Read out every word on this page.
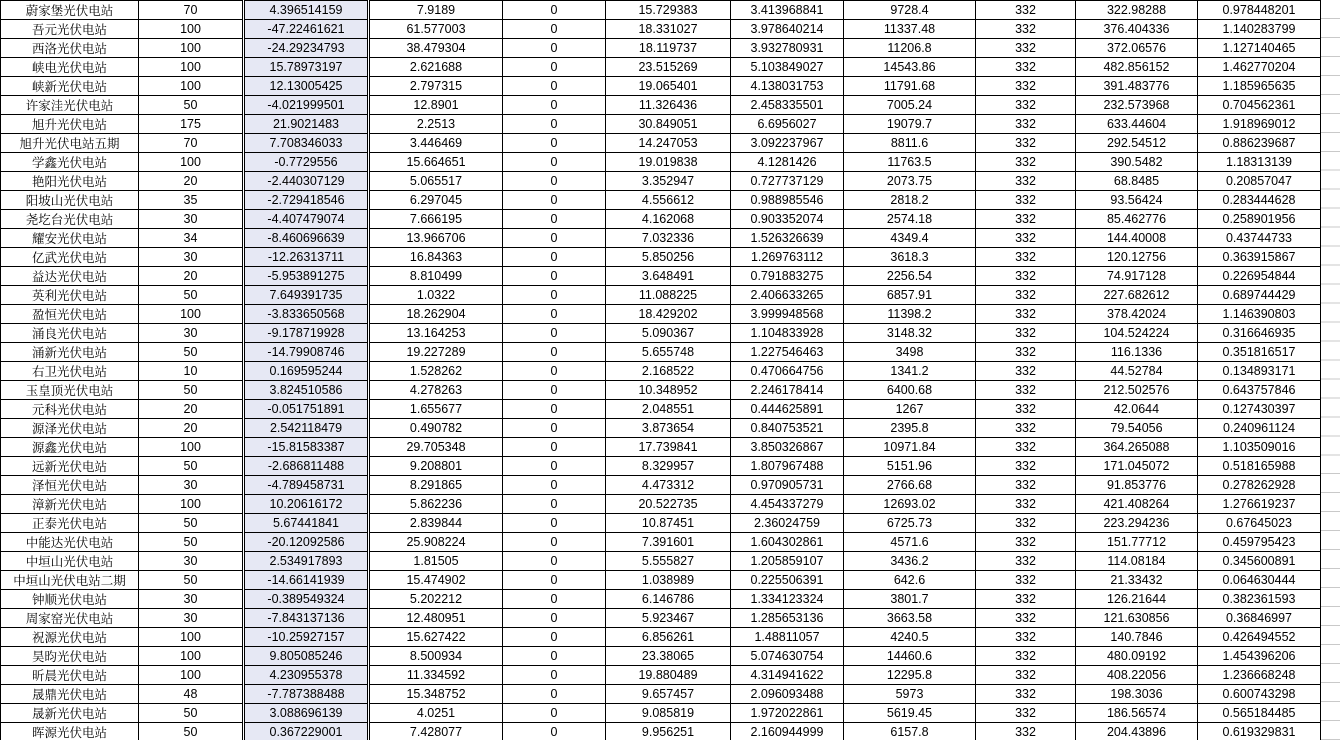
蔚家堡光伏电站	70	4.396514159	7.9189	0	15.729383	3.413968841	9728.4	332	322.98288	0.978448201
吾元光伏电站	100	-47.22461621	61.577003	0	18.331027	3.978640214	11337.48	332	376.404336	1.140283799
西洛光伏电站	100	-24.29234793	38.479304	0	18.119737	3.932780931	11206.8	332	372.06576	1.127140465
峡电光伏电站	100	15.78973197	2.621688	0	23.515269	5.103849027	14543.86	332	482.856152	1.462770204
峡新光伏电站	100	12.13005425	2.797315	0	19.065401	4.138031753	11791.68	332	391.483776	1.185965635
许家洼光伏电站	50	-4.021999501	12.8901	0	11.326436	2.458335501	7005.24	332	232.573968	0.704562361
旭升光伏电站	175	21.9021483	2.2513	0	30.849051	6.6956027	19079.7	332	633.44604	1.918969012
旭升光伏电站五期	70	7.708346033	3.446469	0	14.247053	3.092237967	8811.6	332	292.54512	0.886239687
学鑫光伏电站	100	-0.7729556	15.664651	0	19.019838	4.1281426	11763.5	332	390.5482	1.18313139
艳阳光伏电站	20	-2.440307129	5.065517	0	3.352947	0.727737129	2073.75	332	68.8485	0.20857047
阳坡山光伏电站	35	-2.729418546	6.297045	0	4.556612	0.988985546	2818.2	332	93.56424	0.283444628
尧圪台光伏电站	30	-4.407479074	7.666195	0	4.162068	0.903352074	2574.18	332	85.462776	0.258901956
耀安光伏电站	34	-8.460696639	13.966706	0	7.032336	1.526326639	4349.4	332	144.40008	0.43744733
亿武光伏电站	30	-12.26313711	16.84363	0	5.850256	1.269763112	3618.3	332	120.12756	0.363915867
益达光伏电站	20	-5.953891275	8.810499	0	3.648491	0.791883275	2256.54	332	74.917128	0.226954844
英利光伏电站	50	7.649391735	1.0322	0	11.088225	2.406633265	6857.91	332	227.682612	0.689744429
盈恒光伏电站	100	-3.833650568	18.262904	0	18.429202	3.999948568	11398.2	332	378.42024	1.146390803
涌良光伏电站	30	-9.178719928	13.164253	0	5.090367	1.104833928	3148.32	332	104.524224	0.316646935
涌新光伏电站	50	-14.79908746	19.227289	0	5.655748	1.227546463	3498	332	116.1336	0.351816517
右卫光伏电站	10	0.169595244	1.528262	0	2.168522	0.470664756	1341.2	332	44.52784	0.134893171
玉皇顶光伏电站	50	3.824510586	4.278263	0	10.348952	2.246178414	6400.68	332	212.502576	0.643757846
元科光伏电站	20	-0.051751891	1.655677	0	2.048551	0.444625891	1267	332	42.0644	0.127430397
源泽光伏电站	20	2.542118479	0.490782	0	3.873654	0.840753521	2395.8	332	79.54056	0.240961124
源鑫光伏电站	100	-15.81583387	29.705348	0	17.739841	3.850326867	10971.84	332	364.265088	1.103509016
远新光伏电站	50	-2.686811488	9.208801	0	8.329957	1.807967488	5151.96	332	171.045072	0.518165988
泽恒光伏电站	30	-4.789458731	8.291865	0	4.473312	0.970905731	2766.68	332	91.853776	0.278262928
漳新光伏电站	100	10.20616172	5.862236	0	20.522735	4.454337279	12693.02	332	421.408264	1.276619237
正泰光伏电站	50	5.67441841	2.839844	0	10.87451	2.36024759	6725.73	332	223.294236	0.67645023
中能达光伏电站	50	-20.12092586	25.908224	0	7.391601	1.604302861	4571.6	332	151.77712	0.459795423
中垣山光伏电站	30	2.534917893	1.81505	0	5.555827	1.205859107	3436.2	332	114.08184	0.345600891
中垣山光伏电站二期	50	-14.66141939	15.474902	0	1.038989	0.225506391	642.6	332	21.33432	0.064630444
钟顺光伏电站	30	-0.389549324	5.202212	0	6.146786	1.334123324	3801.7	332	126.21644	0.382361593
周家窑光伏电站	30	-7.843137136	12.480951	0	5.923467	1.285653136	3663.58	332	121.630856	0.36846997
祝源光伏电站	100	-10.25927157	15.627422	0	6.856261	1.48811057	4240.5	332	140.7846	0.426494552
昊昀光伏电站	100	9.805085246	8.500934	0	23.38065	5.074630754	14460.6	332	480.09192	1.454396206
昕晨光伏电站	100	4.230955378	11.334592	0	19.880489	4.314941622	12295.8	332	408.22056	1.236668248
晟鼎光伏电站	48	-7.787388488	15.348752	0	9.657457	2.096093488	5973	332	198.3036	0.600743298
晟新光伏电站	50	3.088696139	4.0251	0	9.085819	1.972022861	5619.45	332	186.56574	0.565184485
晖源光伏电站	50	0.367229001	7.428077	0	9.956251	2.160944999	6157.8	332	204.43896	0.619329831
